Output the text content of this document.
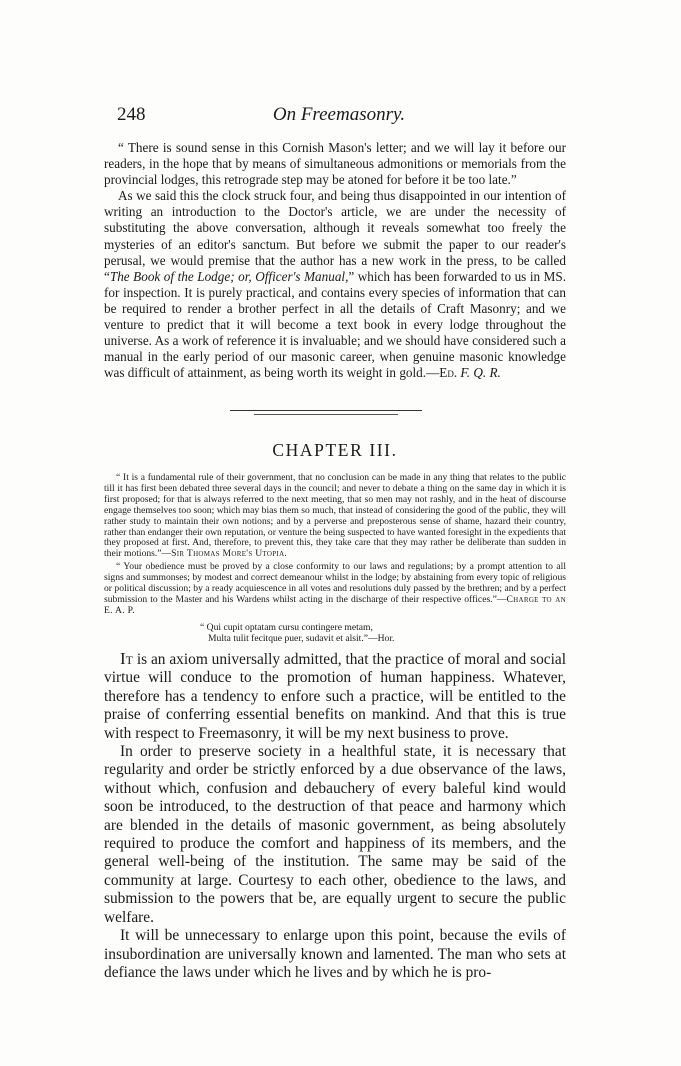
248	On Freemasonry.

“ There is sound sense in this Cornish Mason's letter; and we will lay it before our readers, in the hope that by means of simultaneous admonitions or memorials from the provincial lodges, this retrograde step may be atoned for before it be too late.”

As we said this the clock struck four, and being thus disappointed in our intention of writing an introduction to the Doctor's article, we are under the necessity of substituting the above conversation, although it reveals somewhat too freely the mysteries of an editor's sanctum. But before we submit the paper to our reader's perusal, we would premise that the author has a new work in the press, to be called “The Book of the Lodge; or, Officer's Manual,” which has been forwarded to us in MS. for inspection. It is purely practical, and contains every species of information that can be required to render a brother perfect in all the details of Craft Masonry; and we venture to predict that it will become a text book in every lodge throughout the universe. As a work of reference it is invaluable; and we should have considered such a manual in the early period of our masonic career, when genuine masonic knowledge was difficult of attainment, as being worth its weight in gold.—Ed. F. Q. R.

CHAPTER III.

“ It is a fundamental rule of their government, that no conclusion can be made in any thing that relates to the public till it has first been debated three several days in the council; and never to debate a thing on the same day in which it is first proposed; for that is always referred to the next meeting, that so men may not rashly, and in the heat of discourse engage themselves too soon; which may bias them so much, that instead of considering the good of the public, they will rather study to maintain their own notions; and by a perverse and preposterous sense of shame, hazard their country, rather than endanger their own reputation, or venture the being suspected to have wanted foresight in the expedients that they proposed at first. And, therefore, to prevent this, they take care that they may rather be deliberate than sudden in their motions.”—Sir Thomas More's Utopia.

“ Your obedience must be proved by a close conformity to our laws and regulations; by a prompt attention to all signs and summonses; by modest and correct demeanour whilst in the lodge; by abstaining from every topic of religious or political discussion; by a ready acquiescence in all votes and resolutions duly passed by the brethren; and by a perfect submission to the Master and his Wardens whilst acting in the discharge of their respective offices.”—Charge to an E. A. P.

“ Qui cupit optatam cursu contingere metam,
Multa tulit fecitque puer, sudavit et alsit.”—Hor.

It is an axiom universally admitted, that the practice of moral and social virtue will conduce to the promotion of human happiness. Whatever, therefore has a tendency to enfore such a practice, will be entitled to the praise of conferring essential benefits on mankind. And that this is true with respect to Freemasonry, it will be my next business to prove.

In order to preserve society in a healthful state, it is necessary that regularity and order be strictly enforced by a due observance of the laws, without which, confusion and debauchery of every baleful kind would soon be introduced, to the destruction of that peace and harmony which are blended in the details of masonic government, as being absolutely required to produce the comfort and happiness of its members, and the general well-being of the institution. The same may be said of the community at large. Courtesy to each other, obedience to the laws, and submission to the powers that be, are equally urgent to secure the public welfare.

It will be unnecessary to enlarge upon this point, because the evils of insubordination are universally known and lamented. The man who sets at defiance the laws under which he lives and by which he is pro-
